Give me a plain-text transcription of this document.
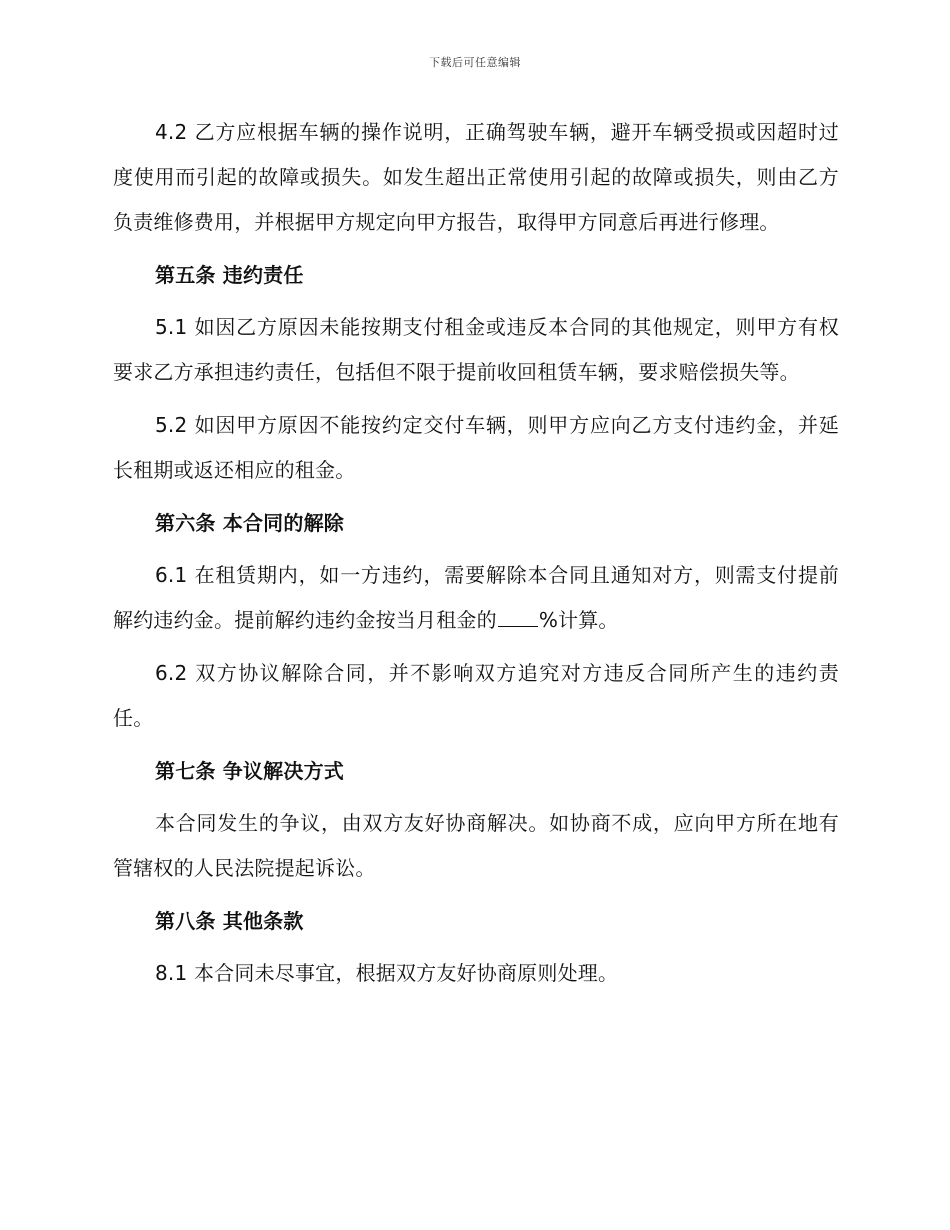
下载后可任意编辑

4.2 乙方应根据车辆的操作说明，正确驾驶车辆，避开车辆受损或因超时过度使用而引起的故障或损失。如发生超出正常使用引起的故障或损失，则由乙方负责维修费用，并根据甲方规定向甲方报告，取得甲方同意后再进行修理。

第五条 违约责任

5.1 如因乙方原因未能按期支付租金或违反本合同的其他规定，则甲方有权要求乙方承担违约责任，包括但不限于提前收回租赁车辆，要求赔偿损失等。

5.2 如因甲方原因不能按约定交付车辆，则甲方应向乙方支付违约金，并延长租期或返还相应的租金。

第六条 本合同的解除

6.1 在租赁期内，如一方违约，需要解除本合同且通知对方，则需支付提前解约违约金。提前解约违约金按当月租金的 %计算。

6.2 双方协议解除合同，并不影响双方追究对方违反合同所产生的违约责任。

第七条 争议解决方式

本合同发生的争议，由双方友好协商解决。如协商不成，应向甲方所在地有管辖权的人民法院提起诉讼。

第八条 其他条款

8.1 本合同未尽事宜，根据双方友好协商原则处理。
